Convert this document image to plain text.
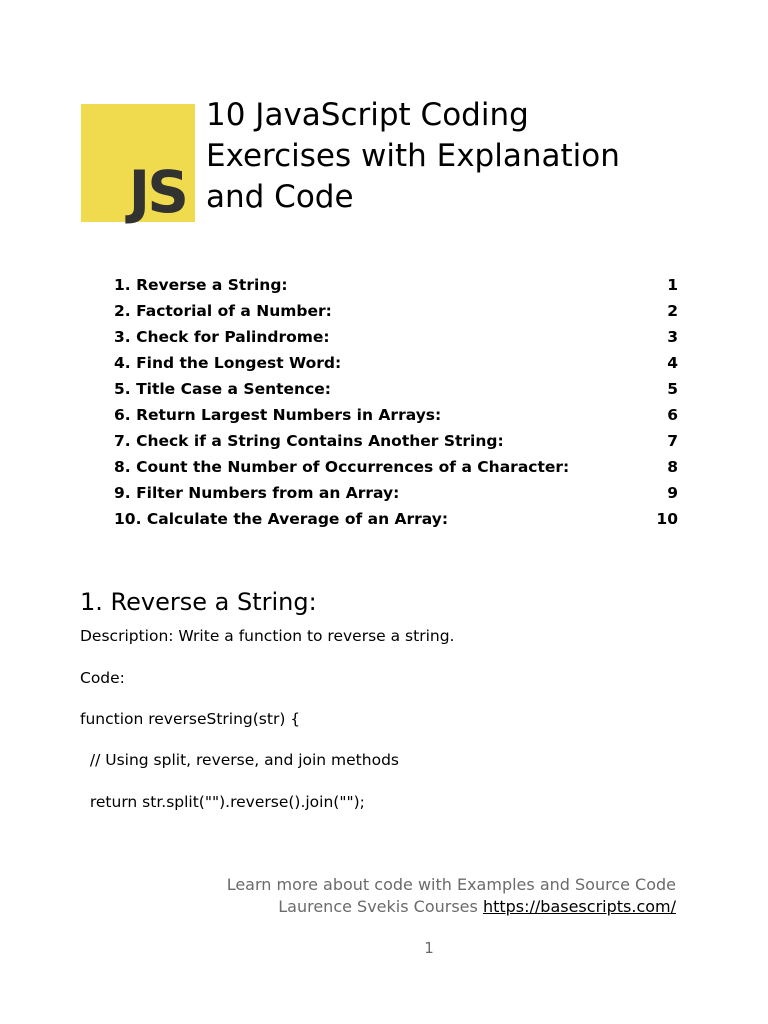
JS
10 JavaScript Coding Exercises with Explanation and Code
1. Reverse a String:	1
2. Factorial of a Number:	2
3. Check for Palindrome:	3
4. Find the Longest Word:	4
5. Title Case a Sentence:	5
6. Return Largest Numbers in Arrays:	6
7. Check if a String Contains Another String:	7
8. Count the Number of Occurrences of a Character:	8
9. Filter Numbers from an Array:	9
10. Calculate the Average of an Array:	10
1. Reverse a String:

Description: Write a function to reverse a string.

Code:

function reverseString(str) {

// Using split, reverse, and join methods

return str.split("").reverse().join("");

Learn more about code with Examples and Source Code
Laurence Svekis Courses https://basescripts.com/
1
